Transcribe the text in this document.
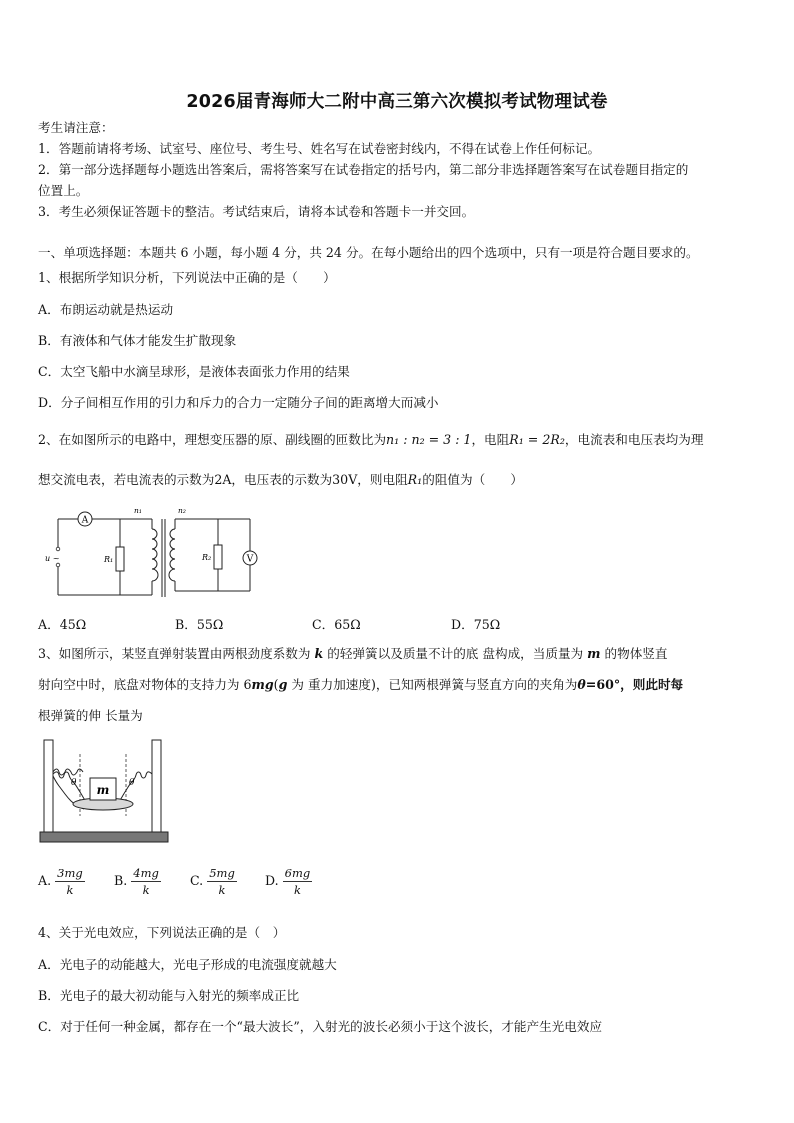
2026届青海师大二附中高三第六次模拟考试物理试卷
考生请注意：
1．答题前请将考场、试室号、座位号、考生号、姓名写在试卷密封线内，不得在试卷上作任何标记。
2．第一部分选择题每小题选出答案后，需将答案写在试卷指定的括号内，第二部分非选择题答案写在试卷题目指定的
位置上。
3．考生必须保证答题卡的整洁。考试结束后，请将本试卷和答题卡一并交回。
一、单项选择题：本题共 6 小题，每小题 4 分，共 24 分。在每小题给出的四个选项中，只有一项是符合题目要求的。
1、根据所学知识分析，下列说法中正确的是（　　）
A．布朗运动就是热运动
B．有液体和气体才能发生扩散现象
C．太空飞船中水滴呈球形，是液体表面张力作用的结果
D．分子间相互作用的引力和斥力的合力一定随分子间的距离增大而减小
2、在如图所示的电路中，理想变压器的原、副线圈的匝数比为n₁ : n₂ = 3 : 1，电阻R₁ = 2R₂，电流表和电压表均为理
想交流电表，若电流表的示数为2A，电压表的示数为30V，则电阻R₁的阻值为（　　）
A
V
u ~	R₁	R₂
n₁	n₂
A．45Ω	B．55Ω	C．65Ω	D．75Ω
3、如图所示，某竖直弹射装置由两根劲度系数为 k 的轻弹簧以及质量不计的底 盘构成，当质量为 m 的物体竖直
射向空中时，底盘对物体的支持力为 6mg(g 为 重力加速度)，已知两根弹簧与竖直方向的夹角为θ=60°，则此时每
根弹簧的伸 长量为
m
θ	θ
A. $\frac{3mg}{k} B$. $\frac{4mg}{k} C$. $\frac{5mg}{k} D$. $\frac{6mg}{k}$
4、关于光电效应，下列说法正确的是（　）
A．光电子的动能越大，光电子形成的电流强度就越大
B．光电子的最大初动能与入射光的频率成正比
C．对于任何一种金属，都存在一个“最大波长”，入射光的波长必须小于这个波长，才能产生光电效应
